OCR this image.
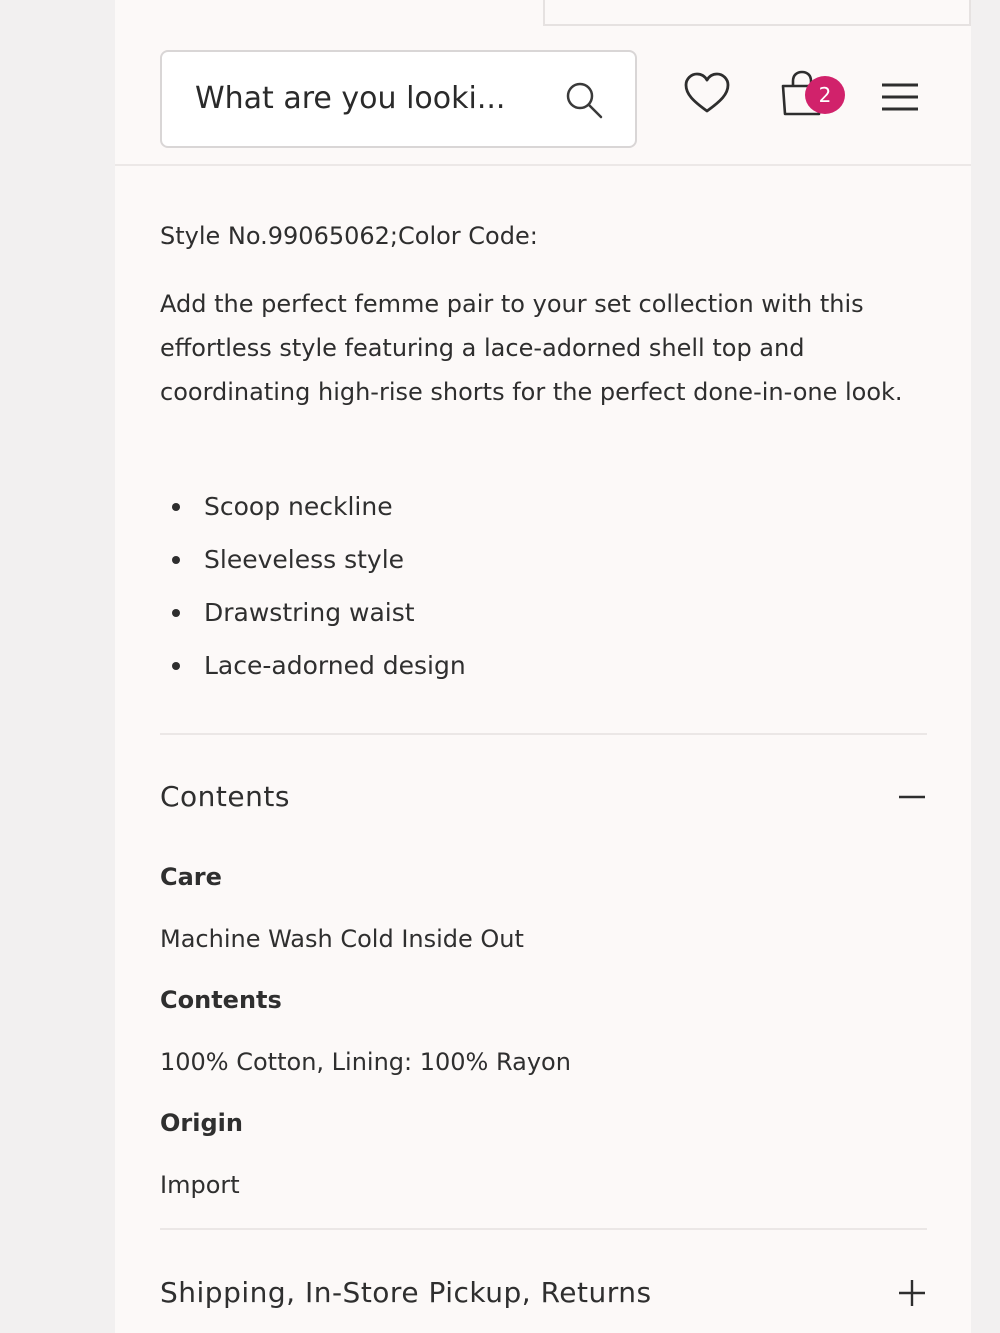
What are you looki...	2
Style No.99065062;Color Code:

Add the perfect femme pair to your set collection with this effortless style featuring a lace-adorned shell top and coordinating high-rise shorts for the perfect done-in-one look.

Scoop neckline
Sleeveless style
Drawstring waist
Lace-adorned design
Contents
Care
Machine Wash Cold Inside Out
Contents
100% Cotton, Lining: 100% Rayon
Origin
Import
Shipping, In-Store Pickup, Returns
